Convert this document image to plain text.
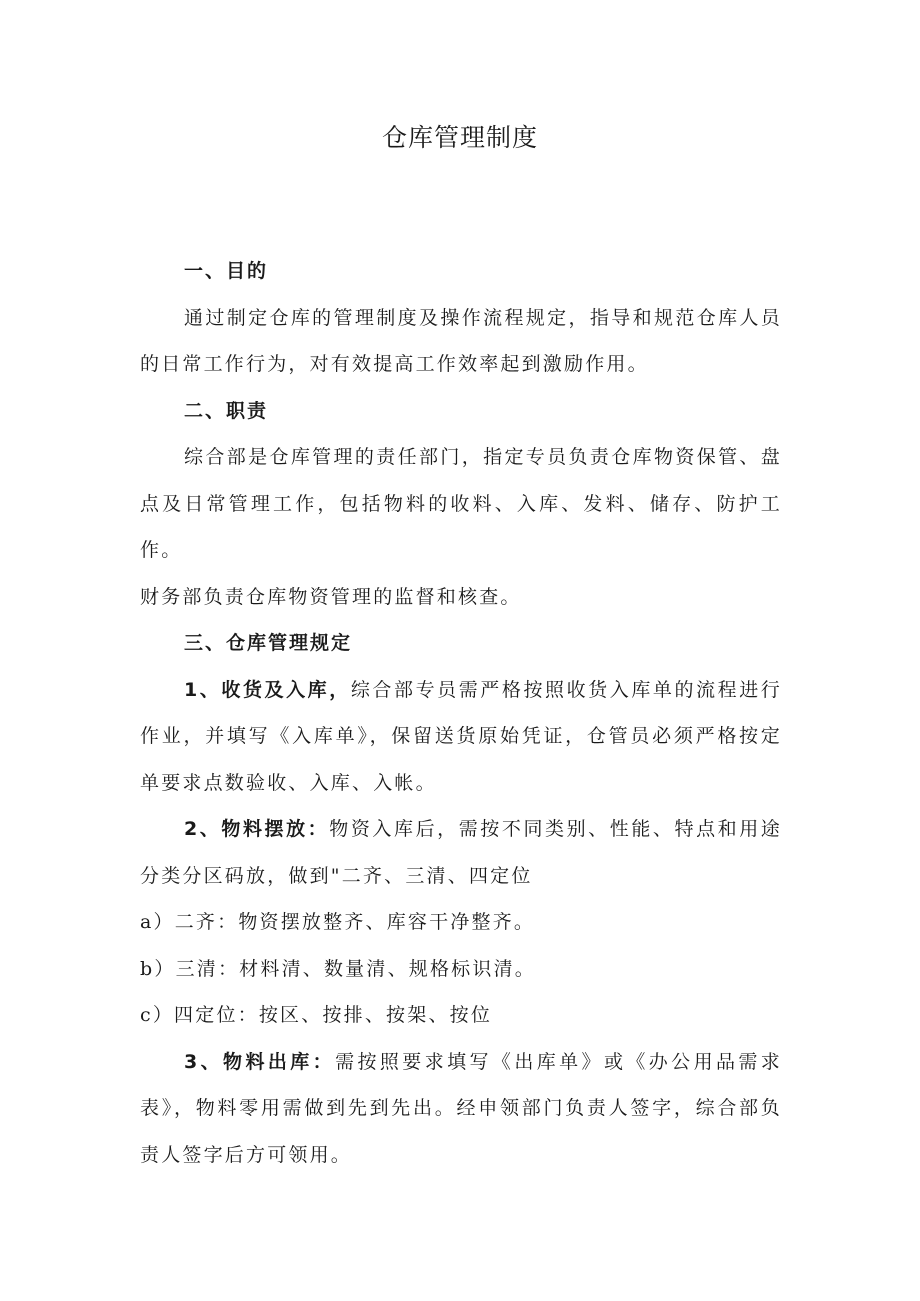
仓库管理制度

一、目的

通过制定仓库的管理制度及操作流程规定，指导和规范仓库人员的日常工作行为，对有效提高工作效率起到激励作用。

二、职责

综合部是仓库管理的责任部门，指定专员负责仓库物资保管、盘点及日常管理工作，包括物料的收料、入库、发料、储存、防护工作。

财务部负责仓库物资管理的监督和核查。

三、仓库管理规定

1、收货及入库，综合部专员需严格按照收货入库单的流程进行作业，并填写《入库单》，保留送货原始凭证，仓管员必须严格按定单要求点数验收、入库、入帐。

2、物料摆放：物资入库后，需按不同类别、性能、特点和用途分类分区码放，做到"二齐、三清、四定位

a）二齐：物资摆放整齐、库容干净整齐。

b）三清：材料清、数量清、规格标识清。

c）四定位：按区、按排、按架、按位

3、物料出库：需按照要求填写《出库单》或《办公用品需求表》，物料零用需做到先到先出。经申领部门负责人签字，综合部负责人签字后方可领用。
